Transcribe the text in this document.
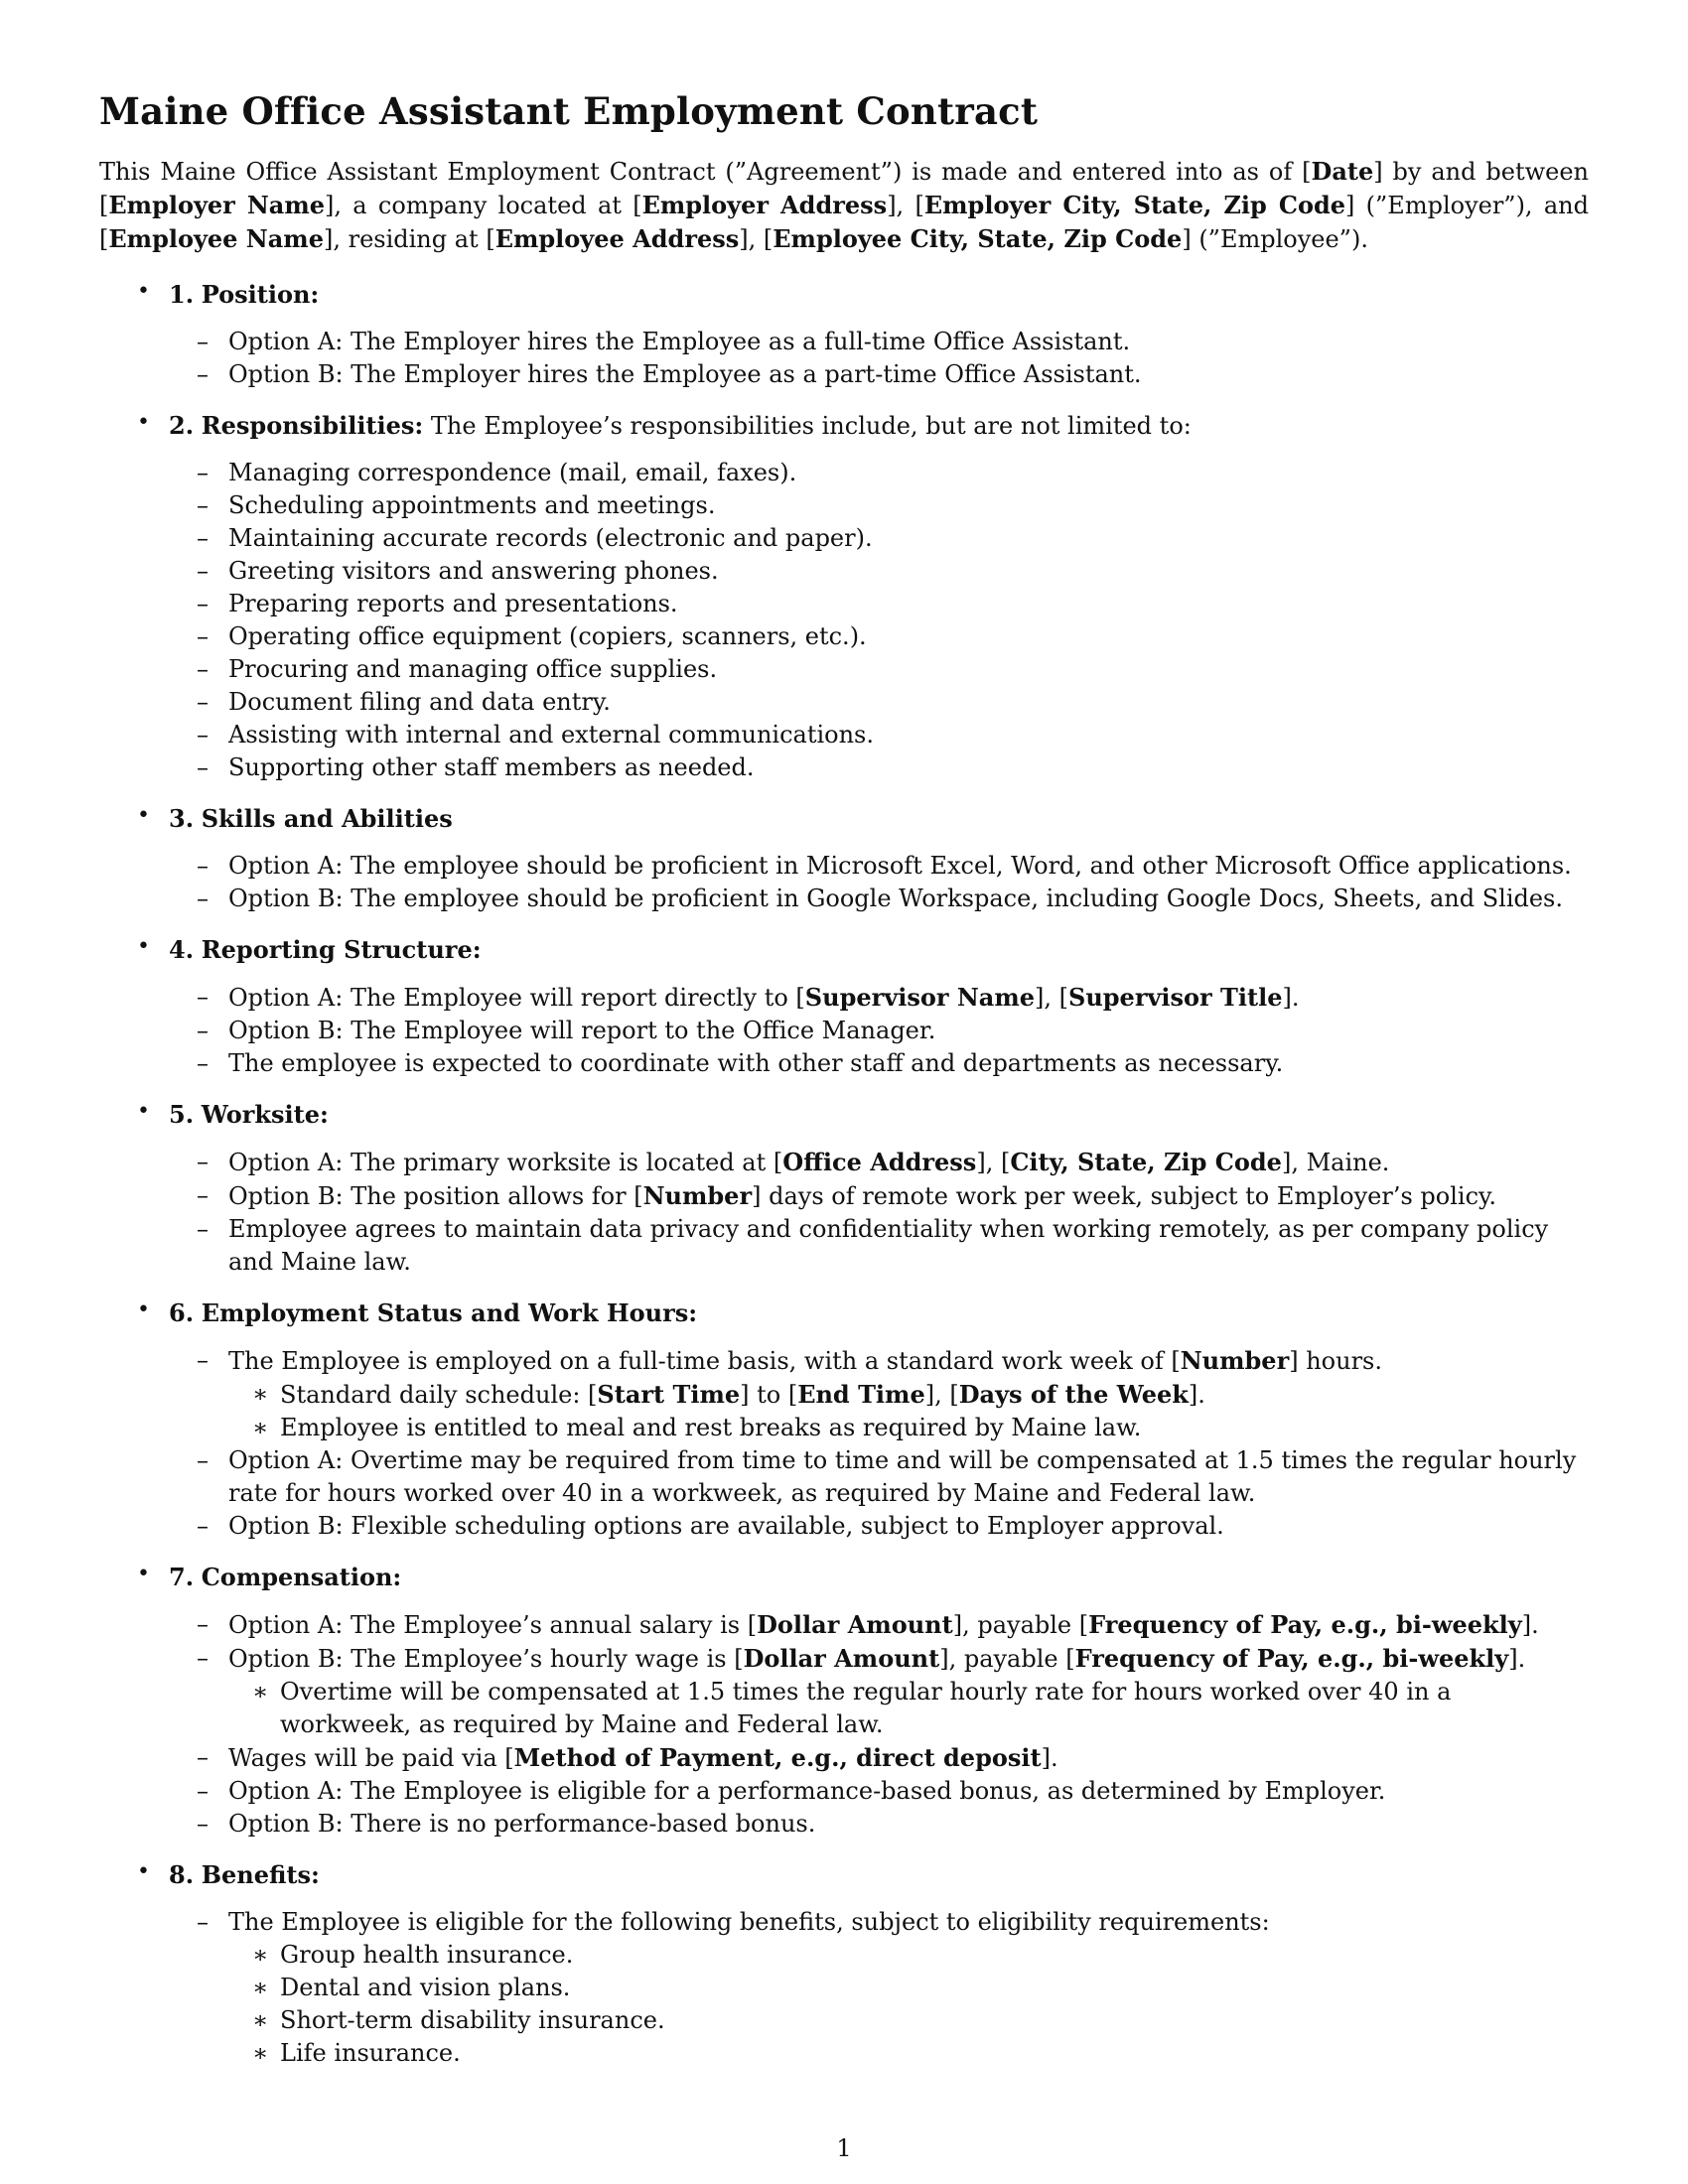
Maine Office Assistant Employment Contract

This Maine Office Assistant Employment Contract (”Agreement”) is made and entered into as of [Date] by and between [Employer Name], a company located at [Employer Address], [Employer City, State, Zip Code] (”Employer”), and [Employee Name], residing at [Employee Address], [Employee City, State, Zip Code] (”Employee”).

• 1. Position:
– Option A: The Employer hires the Employee as a full-time Office Assistant.
– Option B: The Employer hires the Employee as a part-time Office Assistant.
• 2. Responsibilities: The Employee’s responsibilities include, but are not limited to:
– Managing correspondence (mail, email, faxes).
– Scheduling appointments and meetings.
– Maintaining accurate records (electronic and paper).
– Greeting visitors and answering phones.
– Preparing reports and presentations.
– Operating office equipment (copiers, scanners, etc.).
– Procuring and managing office supplies.
– Document filing and data entry.
– Assisting with internal and external communications.
– Supporting other staff members as needed.
• 3. Skills and Abilities
– Option A: The employee should be proficient in Microsoft Excel, Word, and other Microsoft Office applications.
– Option B: The employee should be proficient in Google Workspace, including Google Docs, Sheets, and Slides.
• 4. Reporting Structure:
– Option A: The Employee will report directly to [Supervisor Name], [Supervisor Title].
– Option B: The Employee will report to the Office Manager.
– The employee is expected to coordinate with other staff and departments as necessary.
• 5. Worksite:
– Option A: The primary worksite is located at [Office Address], [City, State, Zip Code], Maine.
– Option B: The position allows for [Number] days of remote work per week, subject to Employer’s policy.
– Employee agrees to maintain data privacy and confidentiality when working remotely, as per company policy and Maine law.
• 6. Employment Status and Work Hours:
– The Employee is employed on a full-time basis, with a standard work week of [Number] hours.
∗ Standard daily schedule: [Start Time] to [End Time], [Days of the Week].
∗ Employee is entitled to meal and rest breaks as required by Maine law.
– Option A: Overtime may be required from time to time and will be compensated at 1.5 times the regular hourly rate for hours worked over 40 in a workweek, as required by Maine and Federal law.
– Option B: Flexible scheduling options are available, subject to Employer approval.
• 7. Compensation:
– Option A: The Employee’s annual salary is [Dollar Amount], payable [Frequency of Pay, e.g., bi-weekly].
– Option B: The Employee’s hourly wage is [Dollar Amount], payable [Frequency of Pay, e.g., bi-weekly].
∗ Overtime will be compensated at 1.5 times the regular hourly rate for hours worked over 40 in a workweek, as required by Maine and Federal law.
– Wages will be paid via [Method of Payment, e.g., direct deposit].
– Option A: The Employee is eligible for a performance-based bonus, as determined by Employer.
– Option B: There is no performance-based bonus.
• 8. Benefits:
– The Employee is eligible for the following benefits, subject to eligibility requirements:
∗ Group health insurance.
∗ Dental and vision plans.
∗ Short-term disability insurance.
∗ Life insurance.
1
